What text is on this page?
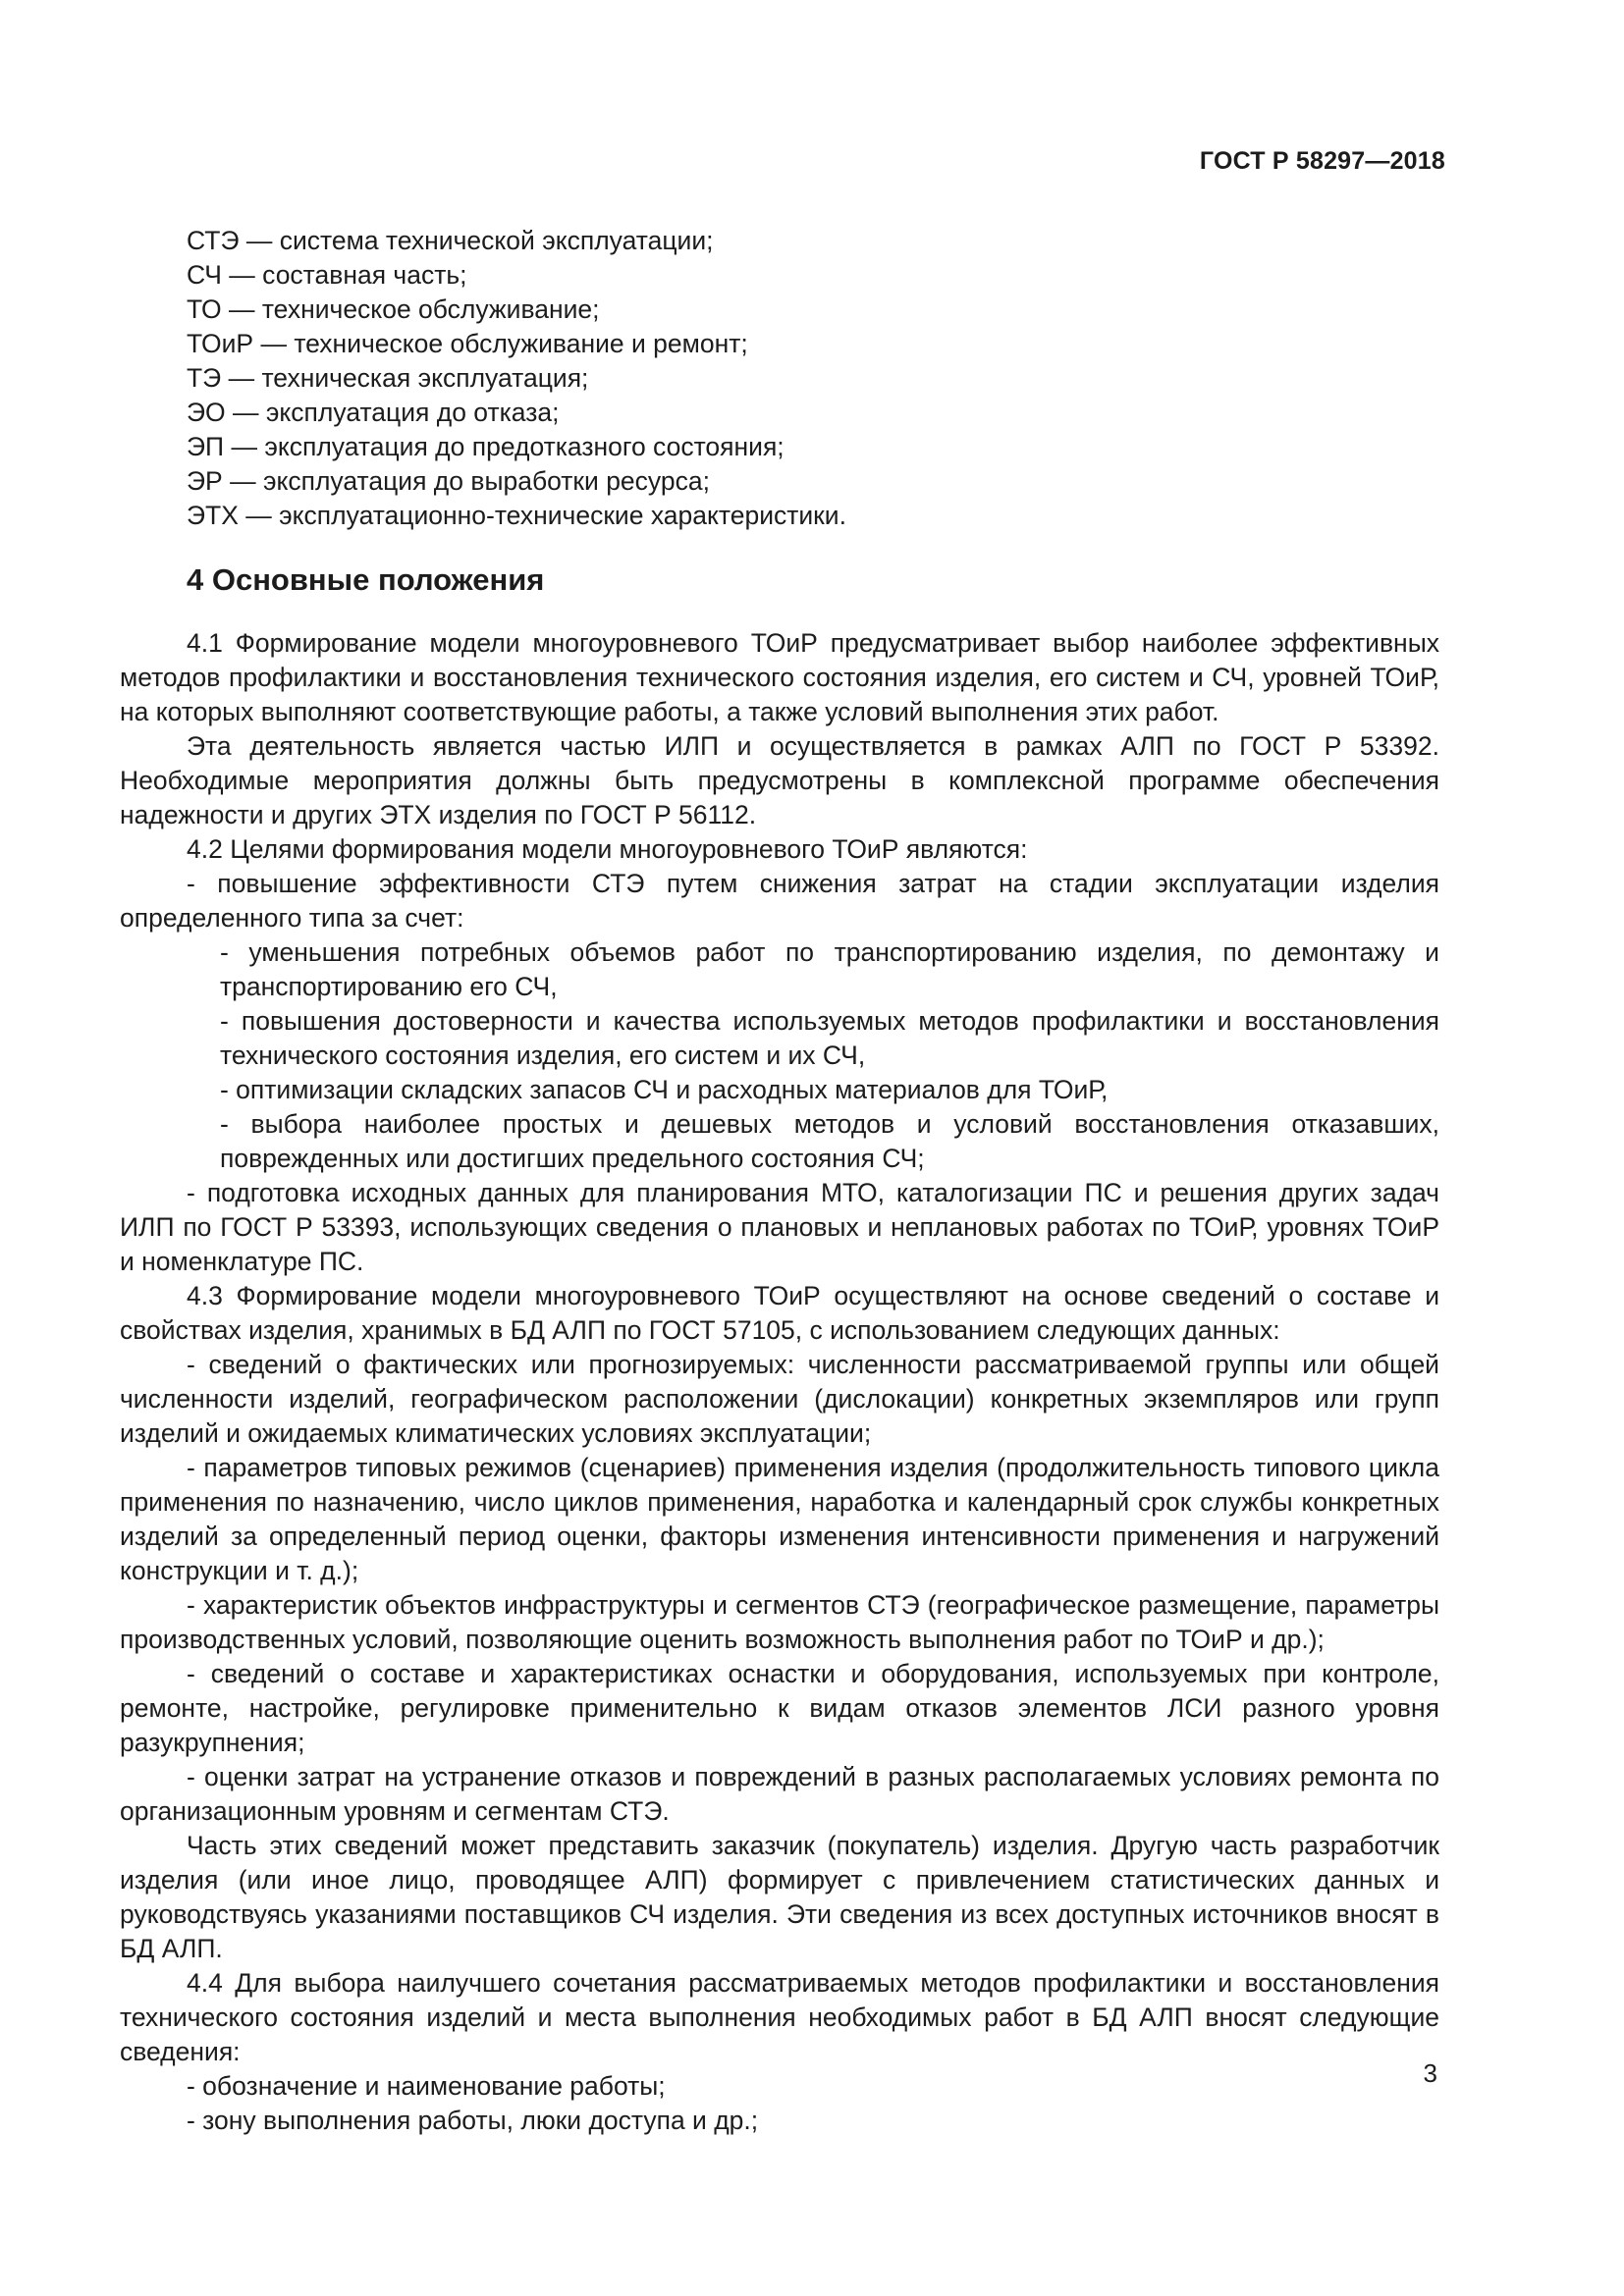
ГОСТ Р 58297—2018
СТЭ — система технической эксплуатации;
СЧ — составная часть;
ТО — техническое обслуживание;
ТОиР — техническое обслуживание и ремонт;
ТЭ — техническая эксплуатация;
ЭО — эксплуатация до отказа;
ЭП — эксплуатация до предотказного состояния;
ЭР — эксплуатация до выработки ресурса;
ЭТХ — эксплуатационно-технические характеристики.
4 Основные положения

4.1 Формирование модели многоуровневого ТОиР предусматривает выбор наиболее эффективных методов профилактики и восстановления технического состояния изделия, его систем и СЧ, уровней ТОиР, на которых выполняют соответствующие работы, а также условий выполнения этих работ.

Эта деятельность является частью ИЛП и осуществляется в рамках АЛП по ГОСТ Р 53392. Необходимые мероприятия должны быть предусмотрены в комплексной программе обеспечения надежности и других ЭТХ изделия по ГОСТ Р 56112.

4.2 Целями формирования модели многоуровневого ТОиР являются:

- повышение эффективности СТЭ путем снижения затрат на стадии эксплуатации изделия определенного типа за счет:

- уменьшения потребных объемов работ по транспортированию изделия, по демонтажу и транспортированию его СЧ,

- повышения достоверности и качества используемых методов профилактики и восстановления технического состояния изделия, его систем и их СЧ,

- оптимизации складских запасов СЧ и расходных материалов для ТОиР,

- выбора наиболее простых и дешевых методов и условий восстановления отказавших, поврежденных или достигших предельного состояния СЧ;

- подготовка исходных данных для планирования МТО, каталогизации ПС и решения других задач ИЛП по ГОСТ Р 53393, использующих сведения о плановых и неплановых работах по ТОиР, уровнях ТОиР и номенклатуре ПС.

4.3 Формирование модели многоуровневого ТОиР осуществляют на основе сведений о составе и свойствах изделия, хранимых в БД АЛП по ГОСТ 57105, с использованием следующих данных:

- сведений о фактических или прогнозируемых: численности рассматриваемой группы или общей численности изделий, географическом расположении (дислокации) конкретных экземпляров или групп изделий и ожидаемых климатических условиях эксплуатации;

- параметров типовых режимов (сценариев) применения изделия (продолжительность типового цикла применения по назначению, число циклов применения, наработка и календарный срок службы конкретных изделий за определенный период оценки, факторы изменения интенсивности применения и нагружений конструкции и т. д.);

- характеристик объектов инфраструктуры и сегментов СТЭ (географическое размещение, параметры производственных условий, позволяющие оценить возможность выполнения работ по ТОиР и др.);

- сведений о составе и характеристиках оснастки и оборудования, используемых при контроле, ремонте, настройке, регулировке применительно к видам отказов элементов ЛСИ разного уровня разукрупнения;

- оценки затрат на устранение отказов и повреждений в разных располагаемых условиях ремонта по организационным уровням и сегментам СТЭ.

Часть этих сведений может представить заказчик (покупатель) изделия. Другую часть разработчик изделия (или иное лицо, проводящее АЛП) формирует с привлечением статистических данных и руководствуясь указаниями поставщиков СЧ изделия. Эти сведения из всех доступных источников вносят в БД АЛП.

4.4 Для выбора наилучшего сочетания рассматриваемых методов профилактики и восстановления технического состояния изделий и места выполнения необходимых работ в БД АЛП вносят следующие сведения:

- обозначение и наименование работы;

- зону выполнения работы, люки доступа и др.;

3
